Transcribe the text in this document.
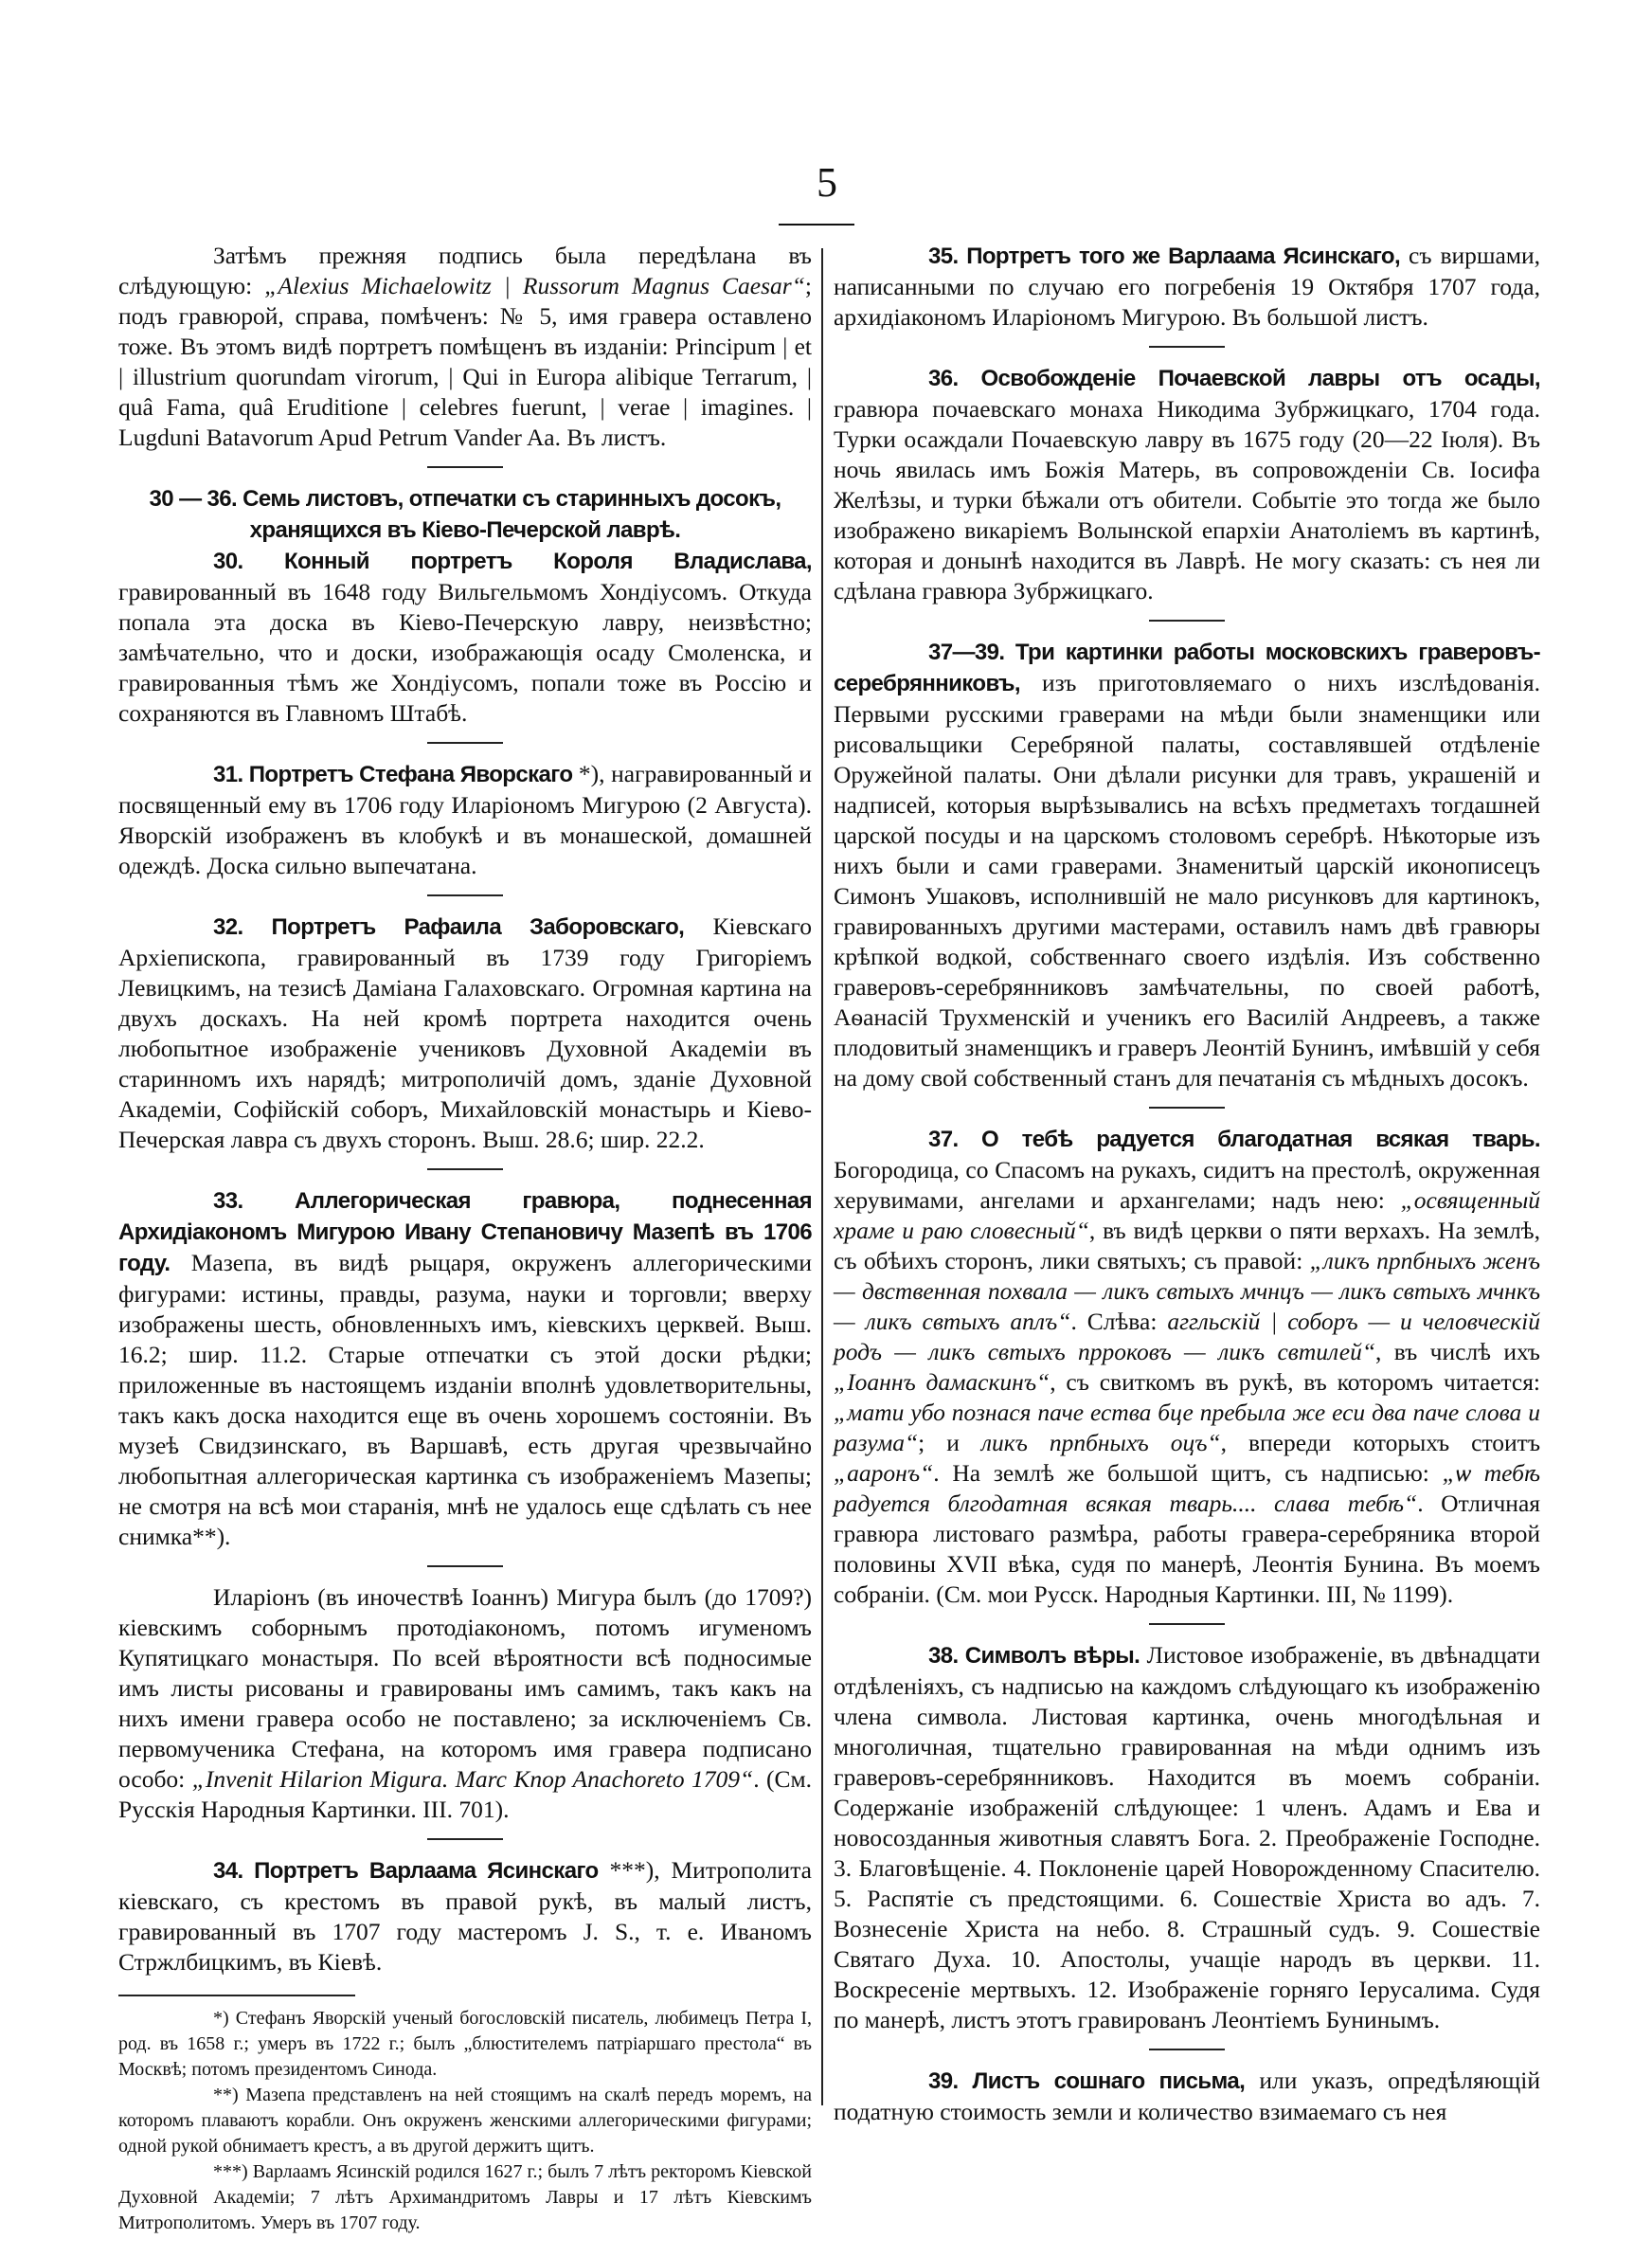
5

Затѣмъ прежняя подпись была передѣлана въ слѣдующую: „Alexius Michaelowitz | Russorum Magnus Caesar“; подъ гравюрой, справа, помѣченъ: № 5, имя гравера оставлено тоже. Въ этомъ видѣ портретъ помѣщенъ въ изданіи: Principum | et | illustrium quorundam virorum, | Qui in Europa alibique Terrarum, | quâ Fama, quâ Eruditione | celebres fuerunt, | verae | imagines. | Lugduni Batavorum Apud Petrum Vander Aa. Въ листъ.

30 — 36. Семь листовъ, отпечатки съ старинныхъ досокъ, хранящихся въ Кіево-Печерской лаврѣ.

30. Конный портретъ Короля Владислава, гравированный въ 1648 году Вильгельмомъ Хондіусомъ. Откуда попала эта доска въ Кіево-Печерскую лавру, неизвѣстно; замѣчательно, что и доски, изображающія осаду Смоленска, и гравированныя тѣмъ же Хондіусомъ, попали тоже въ Россію и сохраняются въ Главномъ Штабѣ.

31. Портретъ Стефана Яворскаго *), награвированный и посвященный ему въ 1706 году Иларіономъ Мигурою (2 Августа). Яворскій изображенъ въ клобукѣ и въ монашеской, домашней одеждѣ. Доска сильно выпечатана.

32. Портретъ Рафаила Заборовскаго, Кіевскаго Архіепископа, гравированный въ 1739 году Григоріемъ Левицкимъ, на тезисѣ Даміана Галаховскаго. Огромная картина на двухъ доскахъ. На ней кромѣ портрета находится очень любопытное изображеніе учениковъ Духовной Академіи въ старинномъ ихъ нарядѣ; митрополичій домъ, зданіе Духовной Академіи, Софійскій соборъ, Михайловскій монастырь и Кіево-Печерская лавра съ двухъ сторонъ. Выш. 28.6; шир. 22.2.

33. Аллегорическая гравюра, поднесенная Архидіакономъ Мигурою Ивану Степановичу Мазепѣ въ 1706 году. Мазепа, въ видѣ рыцаря, окруженъ аллегорическими фигурами: истины, правды, разума, науки и торговли; вверху изображены шесть, обновленныхъ имъ, кіевскихъ церквей. Выш. 16.2; шир. 11.2. Старые отпечатки съ этой доски рѣдки; приложенные въ настоящемъ изданіи вполнѣ удовлетворительны, такъ какъ доска находится еще въ очень хорошемъ состояніи. Въ музеѣ Свидзинскаго, въ Варшавѣ, есть другая чрезвычайно любопытная аллегорическая картинка съ изображеніемъ Мазепы; не смотря на всѣ мои старанія, мнѣ не удалось еще сдѣлать съ нее снимка**).

Иларіонъ (въ иночествѣ Іоаннъ) Мигура былъ (до 1709?) кіевскимъ соборнымъ протодіакономъ, потомъ игуменомъ Купятицкаго монастыря. По всей вѣроятности всѣ подносимые имъ листы рисованы и гравированы имъ самимъ, такъ какъ на нихъ имени гравера особо не поставлено; за исключеніемъ Св. первомученика Стефана, на которомъ имя гравера подписано особо: „Invenit Hilarion Migura. Marc Knop Anachoreto 1709“. (См. Русскія Народныя Картинки. III. 701).

34. Портретъ Варлаама Ясинскаго ***), Митрополита кіевскаго, съ крестомъ въ правой рукѣ, въ малый листъ, гравированный въ 1707 году мастеромъ J. S., т. е. Иваномъ Стржлбицкимъ, въ Кіевѣ.

*) Стефанъ Яворскій ученый богословскій писатель, любимецъ Петра I, род. въ 1658 г.; умеръ въ 1722 г.; былъ „блюстителемъ патріаршаго престола“ въ Москвѣ; потомъ президентомъ Синода.

**) Мазепа представленъ на ней стоящимъ на скалѣ передъ моремъ, на которомъ плаваютъ корабли. Онъ окруженъ женскими аллегорическими фигурами; одной рукой обнимаетъ крестъ, а въ другой держитъ щитъ.

***) Варлаамъ Ясинскій родился 1627 г.; былъ 7 лѣтъ ректоромъ Кіевской Духовной Академіи; 7 лѣтъ Архимандритомъ Лавры и 17 лѣтъ Кіевскимъ Митрополитомъ. Умеръ въ 1707 году.

35. Портретъ того же Варлаама Ясинскаго, съ виршами, написанными по случаю его погребенія 19 Октября 1707 года, архидіакономъ Иларіономъ Мигурою. Въ большой листъ.

36. Освобожденіе Почаевской лавры отъ осады, гравюра почаевскаго монаха Никодима Зубржицкаго, 1704 года. Турки осаждали Почаевскую лавру въ 1675 году (20—22 Іюля). Въ ночь явилась имъ Божія Матерь, въ сопровожденіи Св. Іосифа Желѣзы, и турки бѣжали отъ обители. Событіе это тогда же было изображено викаріемъ Волынской епархіи Анатоліемъ въ картинѣ, которая и донынѣ находится въ Лаврѣ. Не могу сказать: съ нея ли сдѣлана гравюра Зубржицкаго.

37—39. Три картинки работы московскихъ граверовъ-серебрянниковъ, изъ приготовляемаго о нихъ изслѣдованія. Первыми русскими граверами на мѣди были знаменщики или рисовальщики Серебряной палаты, составлявшей отдѣленіе Оружейной палаты. Они дѣлали рисунки для травъ, украшеній и надписей, которыя вырѣзывались на всѣхъ предметахъ тогдашней царской посуды и на царскомъ столовомъ серебрѣ. Нѣкоторые изъ нихъ были и сами граверами. Знаменитый царскій иконописецъ Симонъ Ушаковъ, исполнившій не мало рисунковъ для картинокъ, гравированныхъ другими мастерами, оставилъ намъ двѣ гравюры крѣпкой водкой, собственнаго своего издѣлія. Изъ собственно граверовъ-серебрянниковъ замѣчательны, по своей работѣ, Аѳанасій Трухменскій и ученикъ его Василій Андреевъ, а также плодовитый знаменщикъ и граверъ Леонтій Бунинъ, имѣвшій у себя на дому свой собственный станъ для печатанія съ мѣдныхъ досокъ.

37. О тебѣ радуется благодатная всякая тварь. Богородица, со Спасомъ на рукахъ, сидитъ на престолѣ, окруженная херувимами, ангелами и архангелами; надъ нею: „освященный храме и раю словесный“, въ видѣ церкви о пяти верхахъ. На землѣ, съ обѣихъ сторонъ, лики святыхъ; съ правой: „ликъ прпбныхъ женъ — двственная похвала — ликъ свтыхъ мчнцъ — ликъ свтыхъ мчнкъ — ликъ свтыхъ аплъ“. Слѣва: аггльскій | соборъ — и человческій родъ — ликъ свтыхъ прроковъ — ликъ свтилей“, въ числѣ ихъ „Іоаннъ дамаскинъ“, съ свиткомъ въ рукѣ, въ которомъ читается: „мати убо познася паче ества бце пребыла же еси два паче слова и разума“; и ликъ прпбныхъ оцъ“, впереди которыхъ стоитъ „ааронъ“. На землѣ же большой щитъ, съ надписью: „ѡ тебѣ радуется блгодатная всякая тварь.... слава тебѣ“. Отличная гравюра листоваго размѣра, работы гравера-серебряника второй половины XVII вѣка, судя по манерѣ, Леонтія Бунина. Въ моемъ собраніи. (См. мои Русск. Народныя Картинки. III, № 1199).

38. Символъ вѣры. Листовое изображеніе, въ двѣнадцати отдѣленіяхъ, съ надписью на каждомъ слѣдующаго къ изображенію члена символа. Листовая картинка, очень многодѣльная и многоличная, тщательно гравированная на мѣди однимъ изъ граверовъ-серебрянниковъ. Находится въ моемъ собраніи. Содержаніе изображеній слѣдующее: 1 членъ. Адамъ и Ева и новосозданныя животныя славятъ Бога. 2. Преображеніе Господне. 3. Благовѣщеніе. 4. Поклоненіе царей Новорожденному Спасителю. 5. Распятіе съ предстоящими. 6. Сошествіе Христа во адъ. 7. Вознесеніе Христа на небо. 8. Страшный судъ. 9. Сошествіе Святаго Духа. 10. Апостолы, учащіе народъ въ церкви. 11. Воскресеніе мертвыхъ. 12. Изображеніе горняго Іерусалима. Судя по манерѣ, листъ этотъ гравированъ Леонтіемъ Бунинымъ.

39. Листъ сошнаго письма, или указъ, опредѣляющій податную стоимость земли и количество взимаемаго съ нея
